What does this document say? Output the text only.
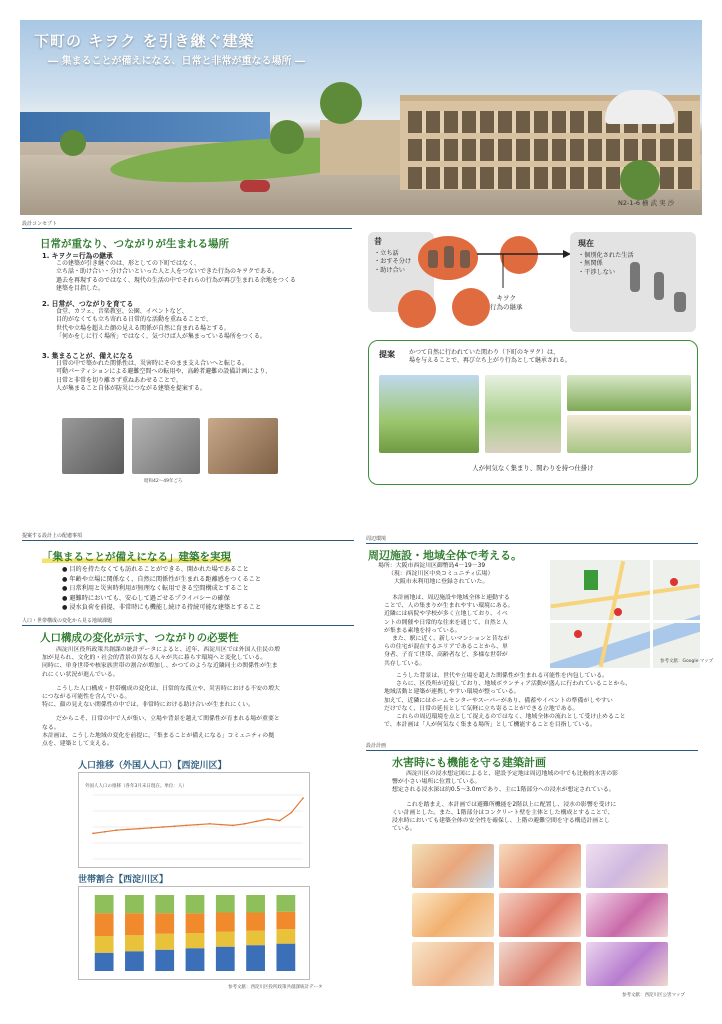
下町の キヲク を引き継ぐ建築
― 集まることが備えになる、日常と非常が重なる場所 ―
N2-1-6 横 武 実 沙
設計コンセプト
日常が重なり、つながりが生まれる場所
1. キヲク＝行為の継承
この建築が引き継ぐのは、形としての下町ではなく、
立ち話・助け合い・分け合いといった人と人をつないできた行為のキヲクである。
過去を再現するのではなく、現代の生活の中でそれらの行為が再び生まれる余地をつくる
建築を目指した。
2. 日常が、つながりを育てる
食堂、カフェ、音楽教室、公園、イベントなど、
目的がなくても立ち寄れる日常的な活動を重ねることで、
世代や立場を超えた顔の見える関係が自然に育まれる場とする。
「何かをしに行く場所」ではなく、気づけば人が集まっている場所をつくる。
3. 集まることが、備えになる
日常の中で築かれた関係性は、災害時にそのまま支え合いへと転じる。
可動パーティションによる避難空間への転用や、高齢者避難の設備計画により、
日常と非常を切り離さず重ねあわせることで、
人が集まること自体が防災につながる建築を提案する。
昭和42〜49年ごろ
昔
・立ち話
・おすそ分け
・助け合い
キヲク
行為の継承
現在
・個別化された生活
・無関係
・干渉しない
提案 かつて自然に行われていた関わり（下町のキヲク）は、
場を与えることで、再び立ち上がり行為として継承される。
人が何気なく集まり、関わりを持つ仕掛け
提案する設計上の配慮事項
「集まることが備えになる」建築を実現
● 目的を持たなくても訪れることができる、開かれた場であること
● 年齢や立場に関係なく、自然に関係性が生まれる距離感をつくること
● 日常利用と災害時利用が無理なく転用できる空間構成とすること
● 避難時においても、安心して過ごせるプライバシーの確保
● 浸水負荷を前提、非常時にも機能し続ける持続可能な建築とすること
人口・世帯構成の変化から見る地域課題
人口構成の変化が示す、つながりの必要性
西淀川区役所政策共創課の統計データによると、近年、西淀川区では外国人住民の増
加が見られ、文化的・社会的背景の異なる人々が共に暮らす環境へと変化している。
同時に、単身世帯や核家族世帯の割合が増加し、かつてのような近隣同士の関係性が生ま
れにくい状況が進んでいる。
こうした人口構成・世帯構成の変化は、日常的な孤立や、災害時における不安の増大
につながる可能性を含んでいる。
特に、顔の見えない関係性の中では、非常時における助け合いが生まれにくい。
だからこそ、日常の中で人が集い、立場や背景を越えて関係性が育まれる場が重要と
なる。
本計画は、こうした地域の変化を前提に、「集まることが備えになる」コミュニティの拠
点を、建築として支える。
人口推移（外国人人口）【西淀川区】
外国人人口の推移（各年3月末日現在。単位：人）
世帯割合【西淀川区】
参考文献：西淀川区役所政策共創課統計データ
周辺環境
周辺施設・地域全体で考える。
場所：大阪市西淀川区御幣島4－19－39
（現：西淀川区中央コミュニティ広場）
大阪市未利用地に登録されていた。
本計画地は、周辺施設や地域全体と連動する
ことで、人の集まりが生まれやすい環境にある。
近隣には病院や学校が多く立地しており、イベ
ントの開催や日常的な往来を通じて、自然と人
が集まる素地を持っている。
また、駅に近く、新しいマンションと昔なが
らの住宅が混在するエリアであることから、単
身者、子育て世帯、高齢者など、多様な世帯が
共存している。	参考文献：Google マップ
こうした背景は、世代や立場を超えた関係性が生まれる可能性を内包している。
さらに、区役所が近接しており、地域ボランティア活動が盛んに行われていることから、
地域活動と建築が連携しやすい環境が整っている。
加えて、近隣にはホームセンターやスーパーがあり、備蓄やイベントの準備がしやすい
だけでなく、日常の延長として気軽に立ち寄ることができる立地である。
これらの周辺環境を点として捉えるのではなく、地域全体の流れとして受け止めること
で、本計画は「人が何気なく集まる場所」として機能することを目指している。
設計計画
水害時にも機能を守る建築計画
西淀川区の浸水想定図によると、建設予定地は周辺地域の中でも比較的水害の影
響が小さい場所に位置している。
想定される浸水深は約0.5〜3.0mであり、主に1階部分への浸水が想定されている。
これを踏まえ、本計画では避難所機能を2階以上に配置し、浸水の影響を受けに
くい計画とした。また、1階部分はコンクリート壁を主体とした構成とすることで、
浸水時においても建築全体の安全性を確保し、上階の避難空間を守る構造計画とし
ている。
参考文献：西淀川区公害マップ
